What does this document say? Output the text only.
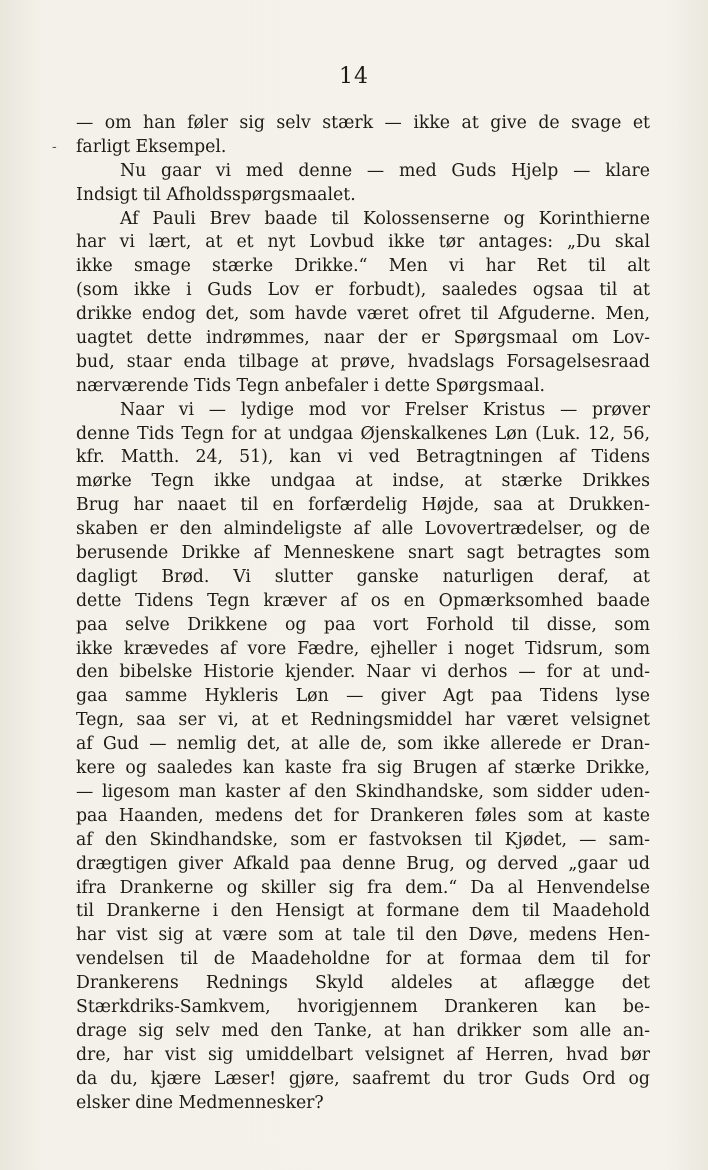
14
-
— om han føler sig selv stærk — ikke at give de svage et
farligt Eksempel.
Nu gaar vi med denne — med Guds Hjelp — klare
Indsigt til Afholdsspørgsmaalet.
Af Pauli Brev baade til Kolossenserne og Korinthierne
har vi lært, at et nyt Lovbud ikke tør antages: „Du skal
ikke smage stærke Drikke.“ Men vi har Ret til alt
(som ikke i Guds Lov er forbudt), saaledes ogsaa til at
drikke endog det, som havde været ofret til Afguderne. Men,
uagtet dette indrømmes, naar der er Spørgsmaal om Lov-
bud, staar enda tilbage at prøve, hvadslags Forsagelsesraad
nærværende Tids Tegn anbefaler i dette Spørgsmaal.
Naar vi — lydige mod vor Frelser Kristus — prøver
denne Tids Tegn for at undgaa Øjenskalkenes Løn (Luk. 12, 56,
kfr. Matth. 24, 51), kan vi ved Betragtningen af Tidens
mørke Tegn ikke undgaa at indse, at stærke Drikkes
Brug har naaet til en forfærdelig Højde, saa at Drukken-
skaben er den almindeligste af alle Lovovertrædelser, og de
berusende Drikke af Menneskene snart sagt betragtes som
dagligt Brød. Vi slutter ganske naturligen deraf, at
dette Tidens Tegn kræver af os en Opmærksomhed baade
paa selve Drikkene og paa vort Forhold til disse, som
ikke krævedes af vore Fædre, ejheller i noget Tidsrum, som
den bibelske Historie kjender. Naar vi derhos — for at und-
gaa samme Hykleris Løn — giver Agt paa Tidens lyse
Tegn, saa ser vi, at et Redningsmiddel har været velsignet
af Gud — nemlig det, at alle de, som ikke allerede er Dran-
kere og saaledes kan kaste fra sig Brugen af stærke Drikke,
— ligesom man kaster af den Skindhandske, som sidder uden-
paa Haanden, medens det for Drankeren føles som at kaste
af den Skindhandske, som er fastvoksen til Kjødet, — sam-
drægtigen giver Afkald paa denne Brug, og derved „gaar ud
ifra Drankerne og skiller sig fra dem.“ Da al Henvendelse
til Drankerne i den Hensigt at formane dem til Maadehold
har vist sig at være som at tale til den Døve, medens Hen-
vendelsen til de Maadeholdne for at formaa dem til for
Drankerens Rednings Skyld aldeles at aflægge det
Stærkdriks-Samkvem, hvorigjennem Drankeren kan be-
drage sig selv med den Tanke, at han drikker som alle an-
dre, har vist sig umiddelbart velsignet af Herren, hvad bør
da du, kjære Læser! gjøre, saafremt du tror Guds Ord og
elsker dine Medmennesker?
